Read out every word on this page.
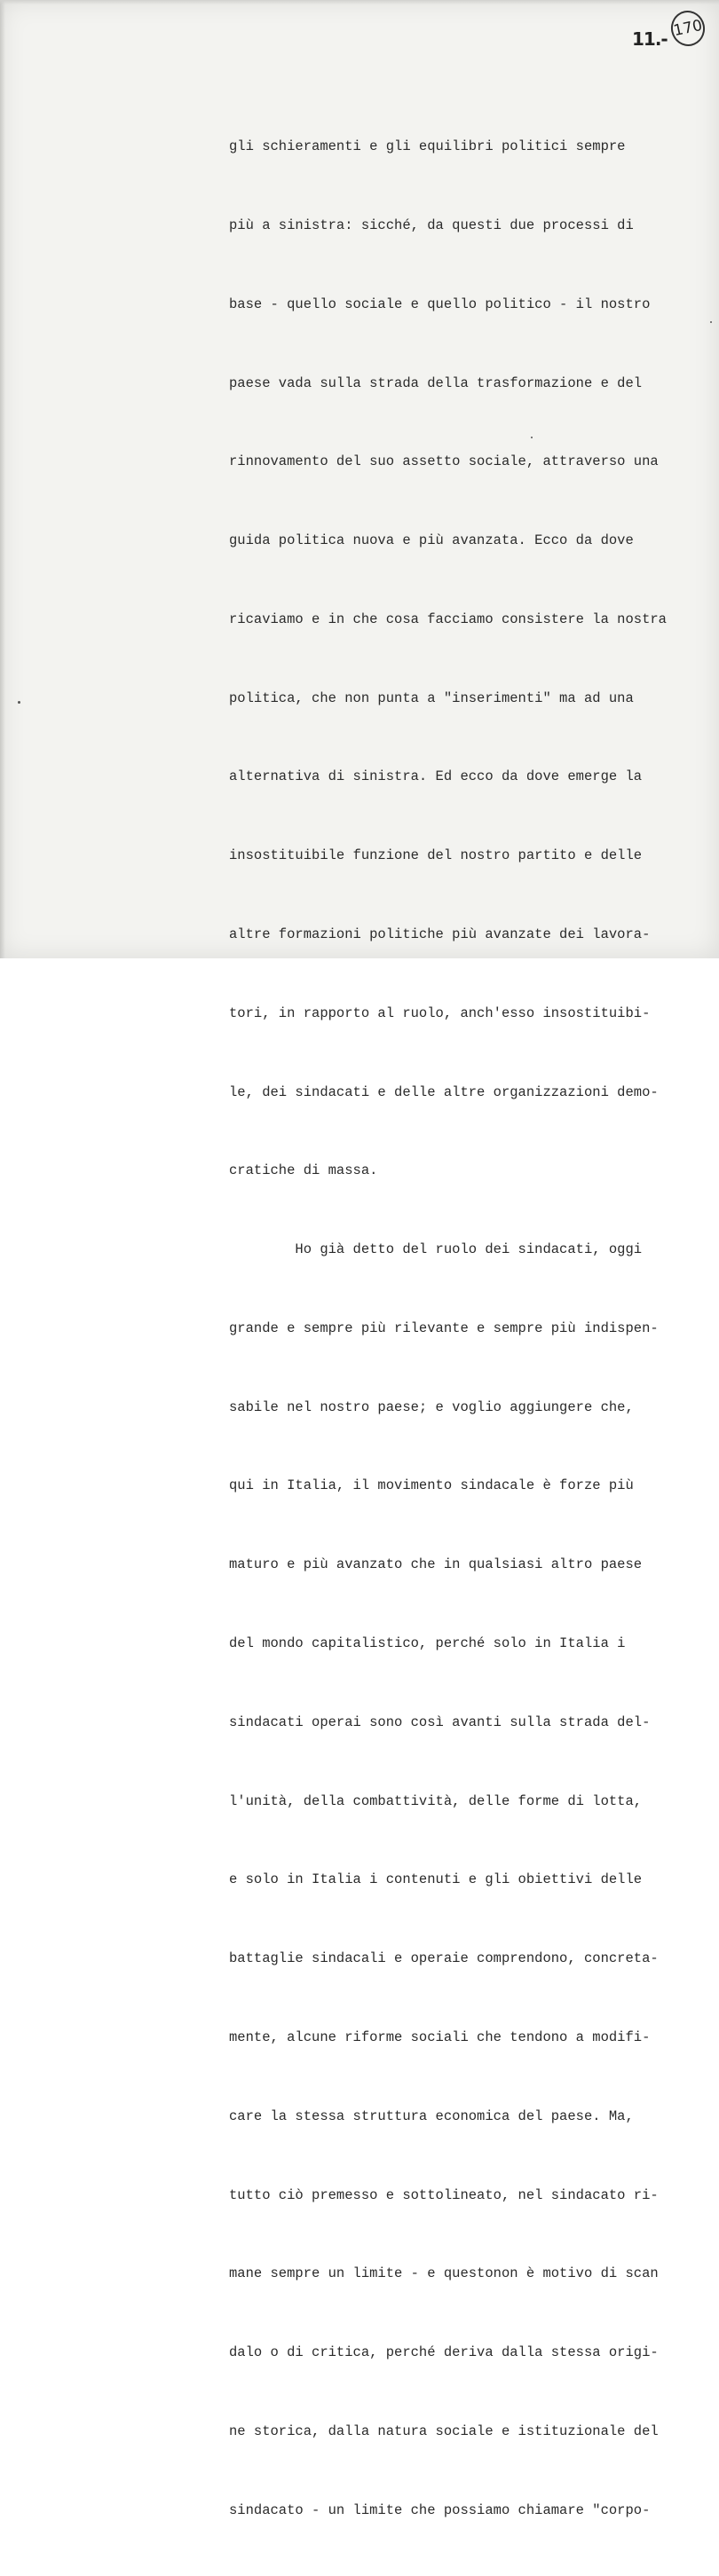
11.- 170

gli schieramenti e gli equilibri politici sempre

più a sinistra: sicché, da questi due processi di

base - quello sociale e quello politico - il nostro

paese vada sulla strada della trasformazione e del

rinnovamento del suo assetto sociale, attraverso una

guida politica nuova e più avanzata. Ecco da dove

ricaviamo e in che cosa facciamo consistere la nostra

politica, che non punta a "inserimenti" ma ad una

alternativa di sinistra. Ed ecco da dove emerge la

insostituibile funzione del nostro partito e delle

altre formazioni politiche più avanzate dei lavora-

tori, in rapporto al ruolo, anch'esso insostituibi-

le, dei sindacati e delle altre organizzazioni demo-

cratiche di massa.

Ho già detto del ruolo dei sindacati, oggi

grande e sempre più rilevante e sempre più indispen-

sabile nel nostro paese; e voglio aggiungere che,

qui in Italia, il movimento sindacale è forze più

maturo e più avanzato che in qualsiasi altro paese

del mondo capitalistico, perché solo in Italia i

sindacati operai sono così avanti sulla strada del-

l'unità, della combattività, delle forme di lotta,

e solo in Italia i contenuti e gli obiettivi delle

battaglie sindacali e operaie comprendono, concreta-

mente, alcune riforme sociali che tendono a modifi-

care la stessa struttura economica del paese. Ma,

tutto ciò premesso e sottolineato, nel sindacato ri-

mane sempre un limite - e questonon è motivo di scan

dalo o di critica, perché deriva dalla stessa origi-

ne storica, dalla natura sociale e istituzionale del

sindacato - un limite che possiamo chiamare "corpo-
